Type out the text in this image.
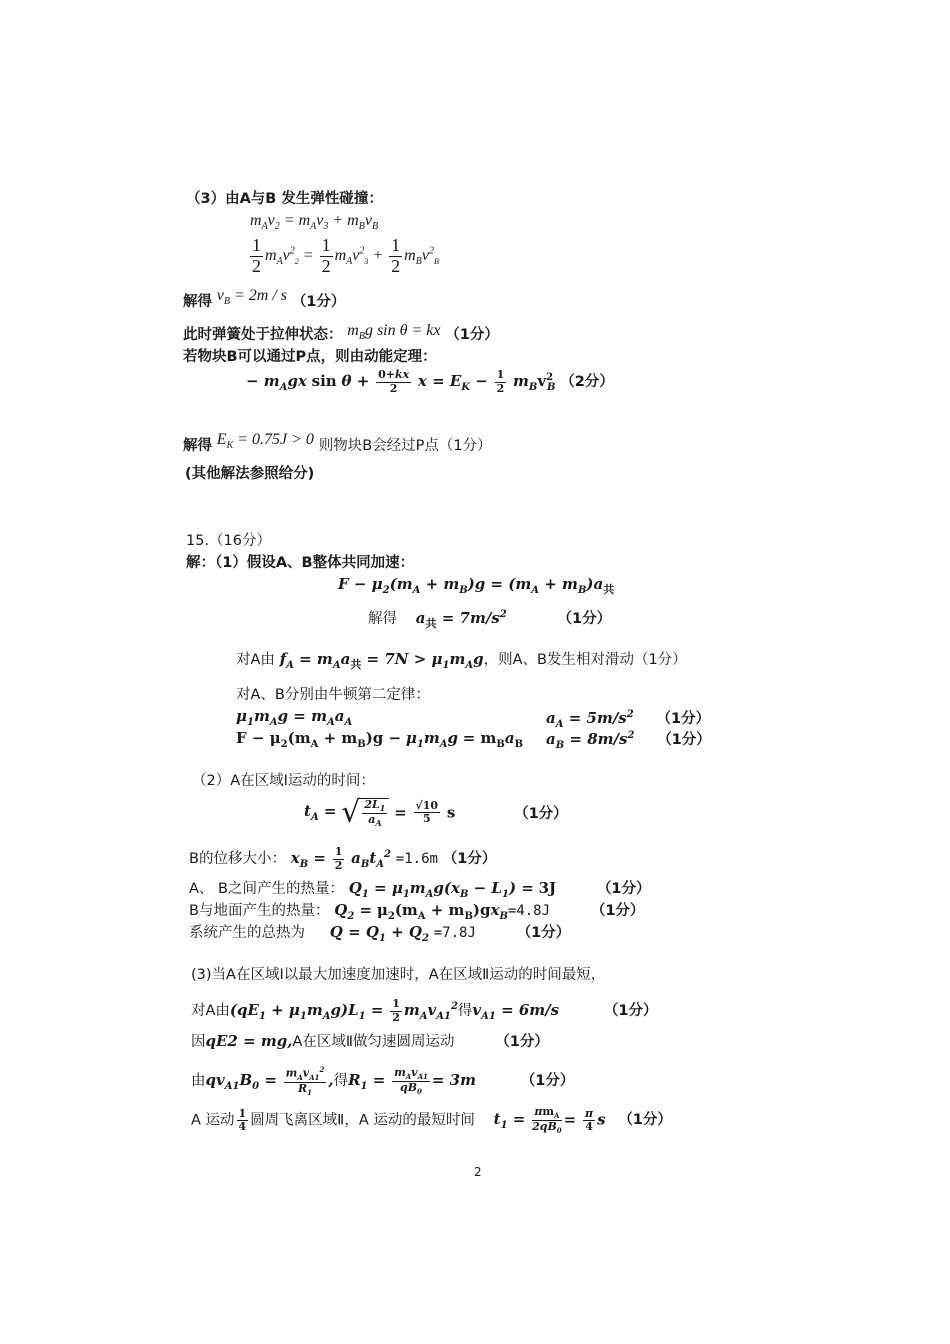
（3）由A与B 发生弹性碰撞：
$m_Av_2 = m_Av_3 + m_Bv_B$
$\frac{1}{2} m_Av^2_2 = \frac{1}{2} m_Av^2_3 + \frac{1}{2} m_Bv^2_B$
解得 $v_B = 2m / s$ （1分）
此时弹簧处于拉伸状态： $m_Bg$ sin θ = kx （1分）
若物块B可以通过P点，则由动能定理：
− $m_Agx$ $\sin \theta + \frac{0+kx}{2}$ $x = E_K - \frac{1}{2} m_Bv^2_B$ （2分）
解得 $E_K = 0.75J > 0$ 则物块B会经过P点（1分）
(其他解法参照给分)
15.（16分）
解：（1）假设A、B整体共同加速：
$F - \mu_2(m_A + m_B)g = (m_A + m_B)a_共$
解得 $a_共 = 7m/s^2$	（1分）
对A由 $f_A = m_Aa_共 = 7N > \mu_1m_Ag$，则A、B发生相对滑动（1分）
对A、B分别由牛顿第二定律：
$\mu_1m_Ag = m_Aa_A$	$a_A = 5m/s^2$ （1分）
$F - \mu_2(m_A + m_B)g - \mu_1m_Ag = m_Ba_B$ $a_B = 8m/s^2$ （1分）
（2）A在区域Ⅰ运动的时间：
$t_A$ = √ $\frac{2L_1}{a_A} = \frac{√10}{5}$ s	（1分）
B的位移大小： $x_B = \frac{1}{2} a_Bt_A^2 =1.6m$ （1分）
A、 B之间产生的热量： $Q_1 = \mu_1m_Ag(x_B - L_1) = 3J$	（1分）
B与地面产生的热量： $Q_2 = \mu_2(m_A + m_B)gx_B=4.8J$	（1分）
系统产生的总热为 $Q = Q_1 + Q_2 =7.8J$	（1分）
(3)当A在区域Ⅰ以最大加速度加速时，A在区域Ⅱ运动的时间最短，
对A由$(qE_1 + \mu_1m_Ag)L_1 = \frac{1}{2} m_Av_{A1}^2$得$v_{A1} = 6m/s$	（1分）
因qE2 = mg,A在区域Ⅱ做匀速圆周运动	（1分）
由$qv_{A1}B_0 = \frac{m_Av_{A1}^2}{R_1}$ ,得$R_1 = \frac{m_Av_{A1}}{qB_0} = 3m$	（1分）
A 运动 $\frac{1}{4}$ 圆周飞离区域Ⅱ，A 运动的最短时间 $t_1 = \frac{\pi m_A}{2qB_0} = \frac{\pi}{4}$ s （1分）
2
